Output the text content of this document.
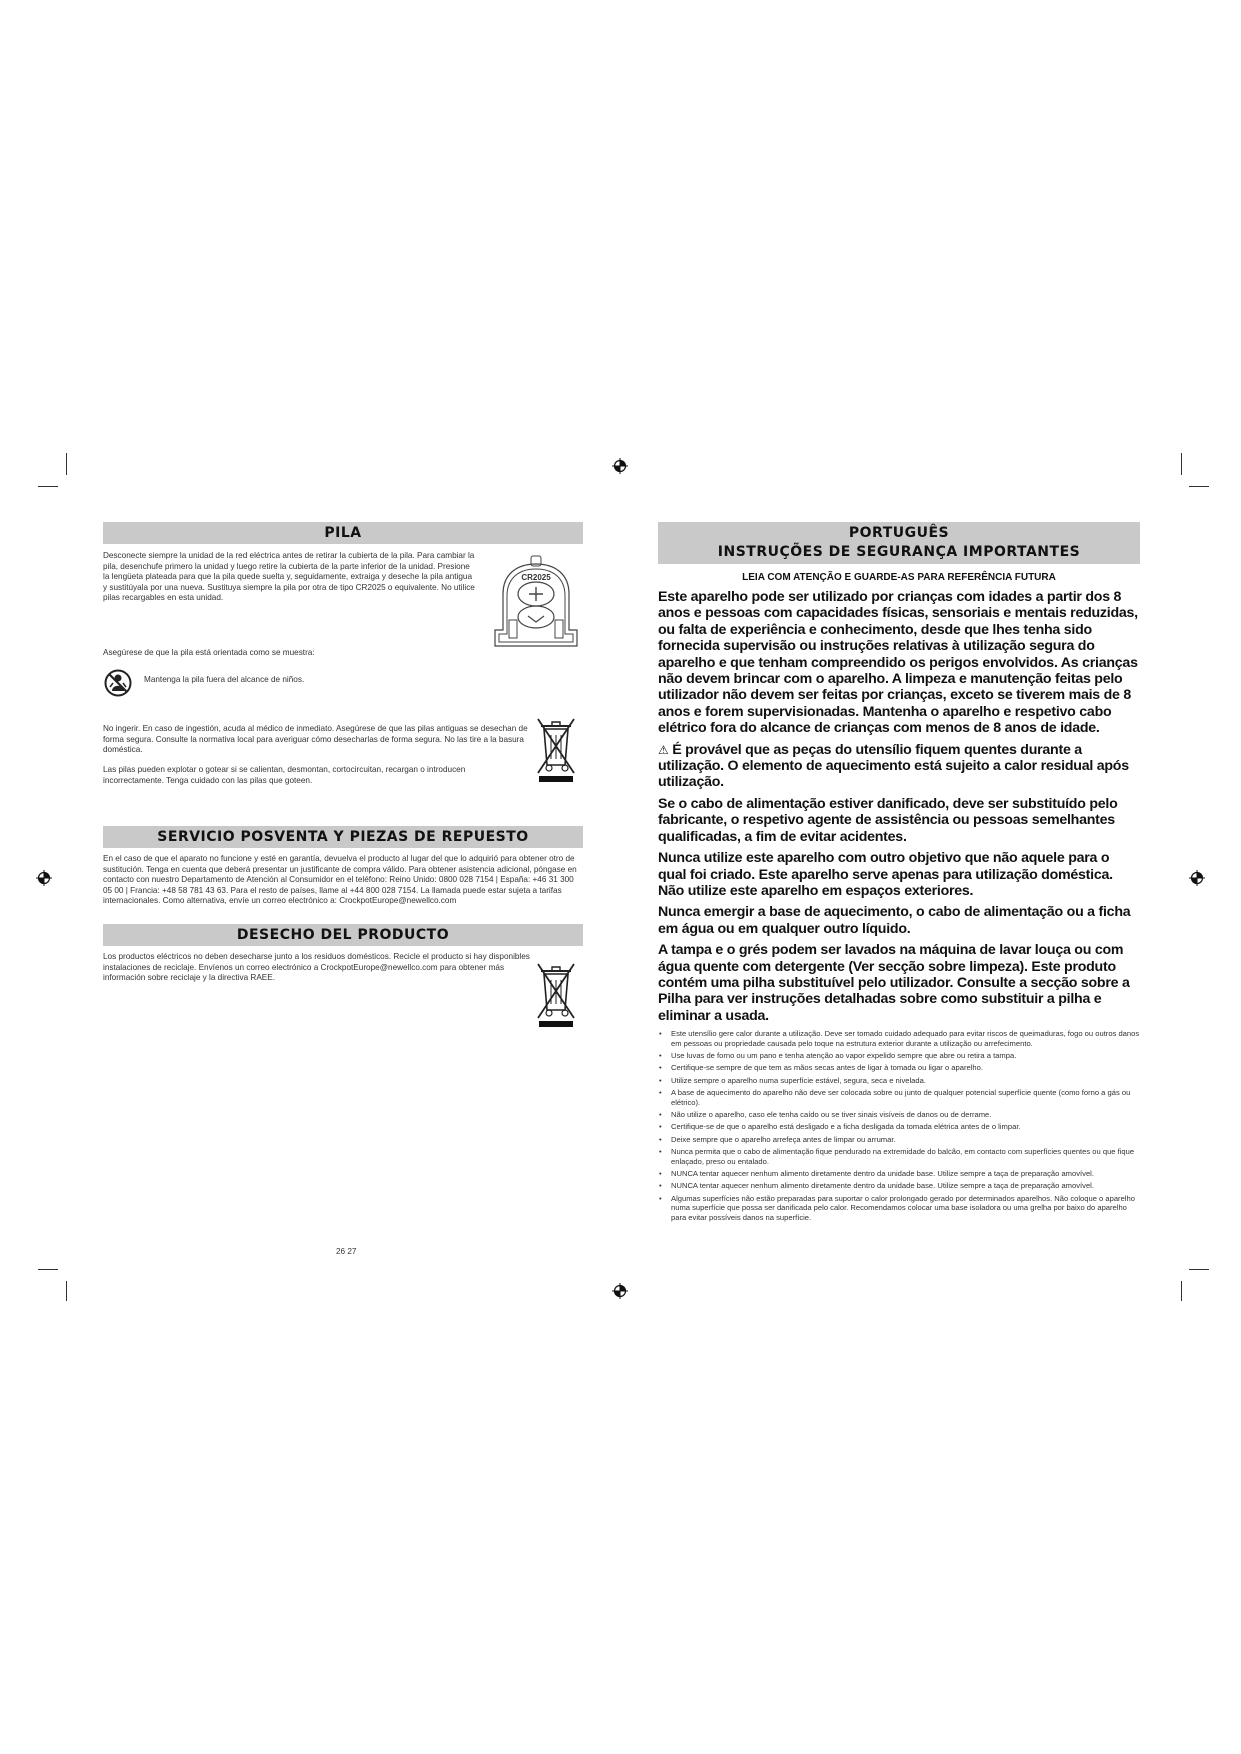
PILA

Desconecte siempre la unidad de la red eléctrica antes de retirar la cubierta de la pila. Para cambiar la pila, desenchufe primero la unidad y luego retire la cubierta de la parte inferior de la unidad. Presione la lengüeta plateada para que la pila quede suelta y, seguidamente, extraiga y deseche la pila antigua y sustitúyala por una nueva. Sustituya siempre la pila por otra de tipo CR2025 o equivalente. No utilice pilas recargables en esta unidad.

CR2025

Asegúrese de que la pila está orientada como se muestra:

Mantenga la pila fuera del alcance de niños.

No ingerir. En caso de ingestión, acuda al médico de inmediato. Asegúrese de que las pilas antiguas se desechan de forma segura. Consulte la normativa local para averiguar cómo desecharlas de forma segura. No las tire a la basura doméstica.

Las pilas pueden explotar o gotear si se calientan, desmontan, cortocircuitan, recargan o introducen incorrectamente. Tenga cuidado con las pilas que goteen.

SERVICIO POSVENTA Y PIEZAS DE REPUESTO

En el caso de que el aparato no funcione y esté en garantía, devuelva el producto al lugar del que lo adquirió para obtener otro de sustitución. Tenga en cuenta que deberá presentar un justificante de compra válido. Para obtener asistencia adicional, póngase en contacto con nuestro Departamento de Atención al Consumidor en el teléfono: Reino Unido: 0800 028 7154 | España: +46 31 300 05 00 | Francia: +48 58 781 43 63. Para el resto de países, llame al +44 800 028 7154. La llamada puede estar sujeta a tarifas internacionales. Como alternativa, envíe un correo electrónico a: CrockpotEurope@newellco.com

DESECHO DEL PRODUCTO

Los productos eléctricos no deben desecharse junto a los residuos domésticos. Recicle el producto si hay disponibles instalaciones de reciclaje. Envíenos un correo electrónico a CrockpotEurope@newellco.com para obtener más información sobre reciclaje y la directiva RAEE.

26 27
PORTUGUÊS
INSTRUÇÕES DE SEGURANÇA IMPORTANTES
LEIA COM ATENÇÃO E GUARDE-AS PARA REFERÊNCIA FUTURA

Este aparelho pode ser utilizado por crianças com idades a partir dos 8 anos e pessoas com capacidades físicas, sensoriais e mentais reduzidas, ou falta de experiência e conhecimento, desde que lhes tenha sido fornecida supervisão ou instruções relativas à utilização segura do aparelho e que tenham compreendido os perigos envolvidos. As crianças não devem brincar com o aparelho. A limpeza e manutenção feitas pelo utilizador não devem ser feitas por crianças, exceto se tiverem mais de 8 anos e forem supervisionadas. Mantenha o aparelho e respetivo cabo elétrico fora do alcance de crianças com menos de 8 anos de idade.

⚠ É provável que as peças do utensílio fiquem quentes durante a utilização. O elemento de aquecimento está sujeito a calor residual após utilização.

Se o cabo de alimentação estiver danificado, deve ser substituído pelo fabricante, o respetivo agente de assistência ou pessoas semelhantes qualificadas, a fim de evitar acidentes.

Nunca utilize este aparelho com outro objetivo que não aquele para o qual foi criado. Este aparelho serve apenas para utilização doméstica. Não utilize este aparelho em espaços exteriores.

Nunca emergir a base de aquecimento, o cabo de alimentação ou a ficha em água ou em qualquer outro líquido.

A tampa e o grés podem ser lavados na máquina de lavar louça ou com água quente com detergente (Ver secção sobre limpeza). Este produto contém uma pilha substituível pelo utilizador. Consulte a secção sobre a Pilha para ver instruções detalhadas sobre como substituir a pilha e eliminar a usada.

• Este utensílio gere calor durante a utilização. Deve ser tomado cuidado adequado para evitar riscos de queimaduras, fogo ou outros danos em pessoas ou propriedade causada pelo toque na estrutura exterior durante a utilização ou arrefecimento.
• Use luvas de forno ou um pano e tenha atenção ao vapor expelido sempre que abre ou retira a tampa.
• Certifique-se sempre de que tem as mãos secas antes de ligar à tomada ou ligar o aparelho.
• Utilize sempre o aparelho numa superfície estável, segura, seca e nivelada.
• A base de aquecimento do aparelho não deve ser colocada sobre ou junto de qualquer potencial superfície quente (como forno a gás ou elétrico).
• Não utilize o aparelho, caso ele tenha caído ou se tiver sinais visíveis de danos ou de derrame.
• Certifique-se de que o aparelho está desligado e a ficha desligada da tomada elétrica antes de o limpar.
• Deixe sempre que o aparelho arrefeça antes de limpar ou arrumar.
• Nunca permita que o cabo de alimentação fique pendurado na extremidade do balcão, em contacto com superfícies quentes ou que fique enlaçado, preso ou entalado.
• NUNCA tentar aquecer nenhum alimento diretamente dentro da unidade base. Utilize sempre a taça de preparação amovível.
• NUNCA tentar aquecer nenhum alimento diretamente dentro da unidade base. Utilize sempre a taça de preparação amovível.
• Algumas superfícies não estão preparadas para suportar o calor prolongado gerado por determinados aparelhos. Não coloque o aparelho numa superfície que possa ser danificada pelo calor. Recomendamos colocar uma base isoladora ou uma grelha por baixo do aparelho para evitar possíveis danos na superfície.
